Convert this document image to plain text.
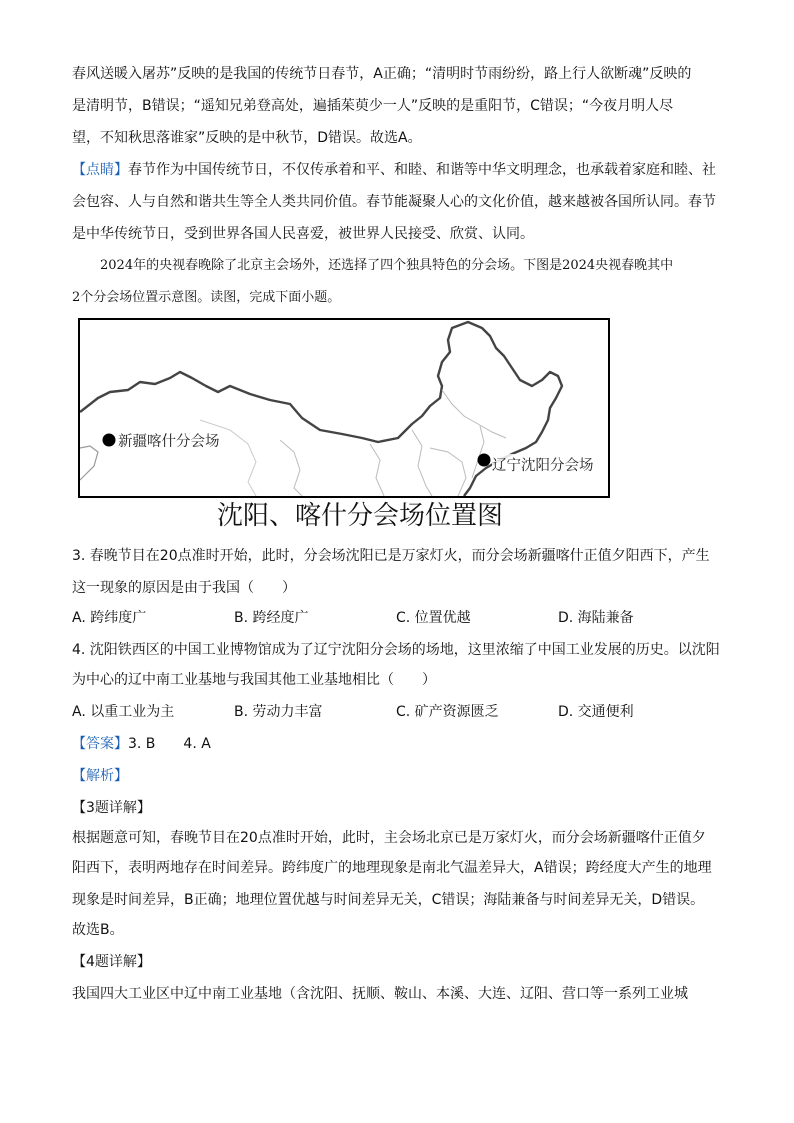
春风送暖入屠苏”反映的是我国的传统节日春节，A正确；“清明时节雨纷纷，路上行人欲断魂”反映的
是清明节，B错误；“遥知兄弟登高处，遍插茱萸少一人”反映的是重阳节，C错误；“今夜月明人尽
望，不知秋思落谁家”反映的是中秋节，D错误。故选A。
【点睛】春节作为中国传统节日，不仅传承着和平、和睦、和谐等中华文明理念，也承载着家庭和睦、社
会包容、人与自然和谐共生等全人类共同价值。春节能凝聚人心的文化价值，越来越被各国所认同。春节
是中华传统节日，受到世界各国人民喜爱，被世界人民接受、欣赏、认同。
2024年的央视春晚除了北京主会场外，还选择了四个独具特色的分会场。下图是2024央视春晚其中
2个分会场位置示意图。读图，完成下面小题。
新疆喀什分会场
辽宁沈阳分会场
沈阳、喀什分会场位置图
3. 春晚节目在20点准时开始，此时，分会场沈阳已是万家灯火，而分会场新疆喀什正值夕阳西下，产生
这一现象的原因是由于我国（　　）
A. 跨纬度广	B. 跨经度广	C. 位置优越	D. 海陆兼备
4. 沈阳铁西区的中国工业博物馆成为了辽宁沈阳分会场的场地，这里浓缩了中国工业发展的历史。以沈阳
为中心的辽中南工业基地与我国其他工业基地相比（　　）
A. 以重工业为主	B. 劳动力丰富	C. 矿产资源匮乏	D. 交通便利
【答案】3. B　　4. A
【解析】
【3题详解】
根据题意可知，春晚节目在20点准时开始，此时，主会场北京已是万家灯火，而分会场新疆喀什正值夕
阳西下，表明两地存在时间差异。跨纬度广的地理现象是南北气温差异大，A错误；跨经度大产生的地理
现象是时间差异，B正确；地理位置优越与时间差异无关，C错误；海陆兼备与时间差异无关，D错误。
故选B。
【4题详解】
我国四大工业区中辽中南工业基地（含沈阳、抚顺、鞍山、本溪、大连、辽阳、营口等一系列工业城
